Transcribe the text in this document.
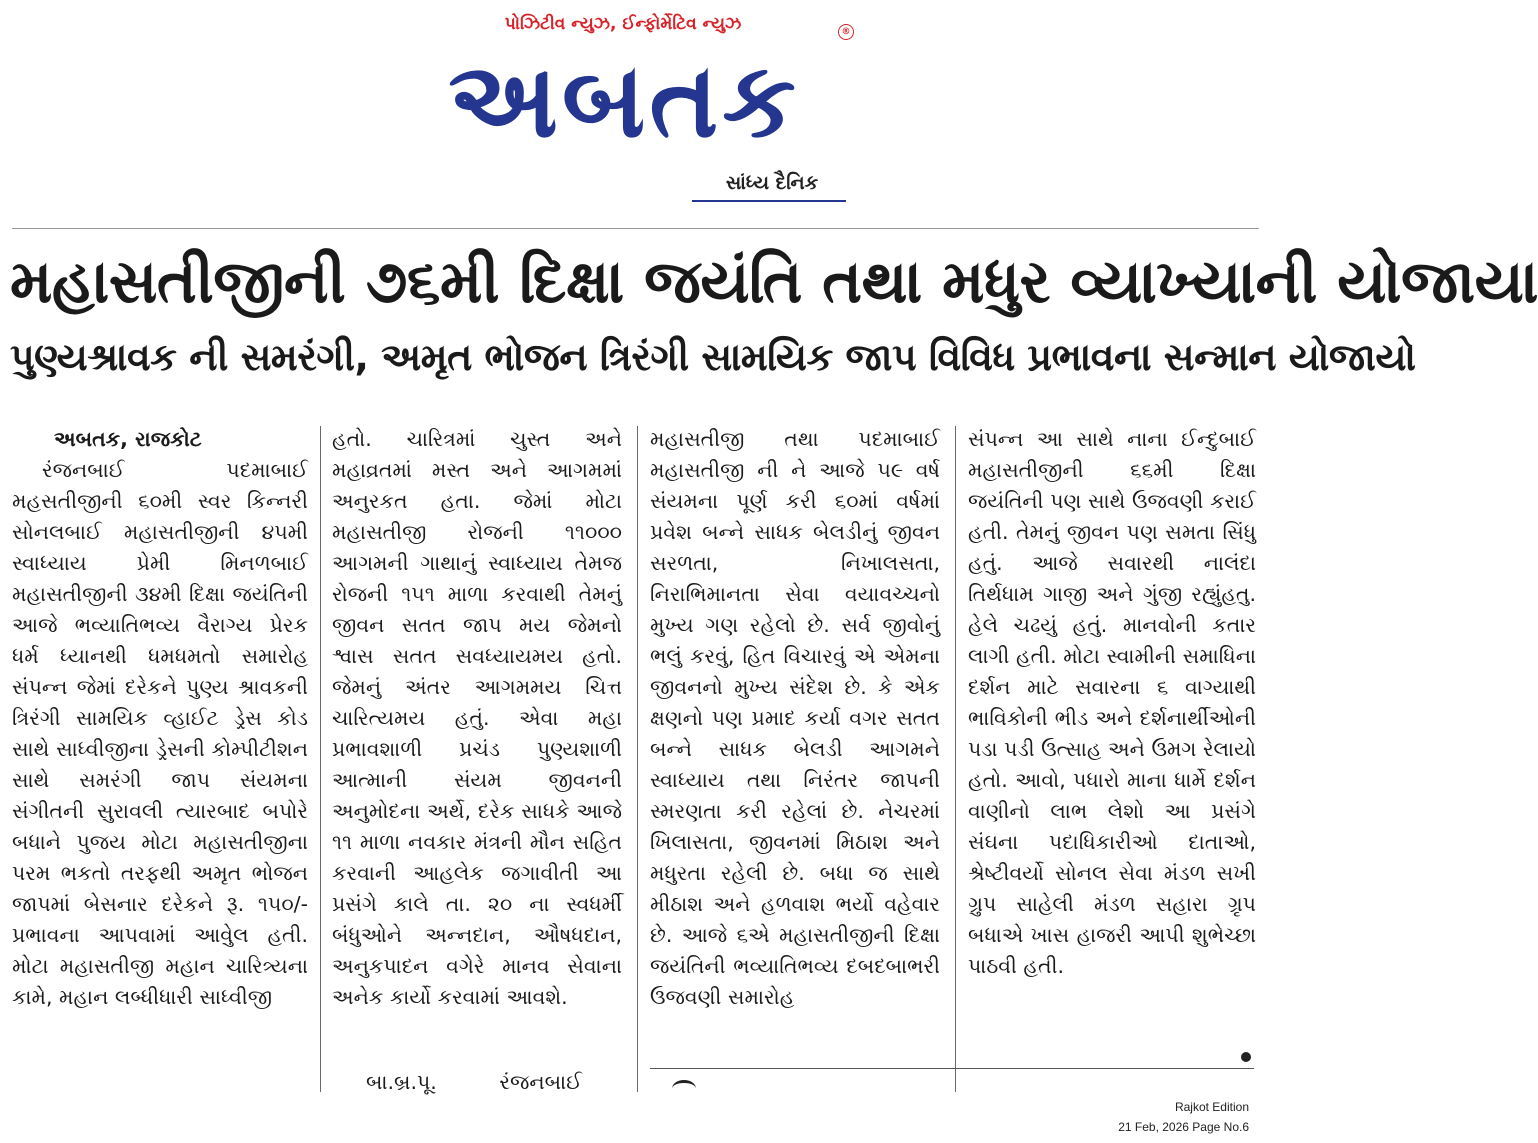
પોઝિટીવ ન્યુઝ, ઈન્ફોર્મેટિવ ન્યુઝ	®
અબતક
સાંધ્ય દૈનિક
મહાસતીજીની ૭૬મી દિક્ષા જયંતિ તથા મધુર વ્યાખ્યાની યોજાયા
પુણ્યશ્રાવક ની સમરંગી, અમૃત ભોજન ત્રિરંગી સામયિક જાપ વિવિધ પ્રભાવના સન્માન યોજાયો
અબતક, રાજકોટ

રંજનબાઈ પદમાબાઈ મહસતીજીની ૬૦મી સ્વર કિન્નરી સોનલબાઈ મહાસતીજીની ૪૫મી સ્વાધ્યાય પ્રેમી મિનળબાઈ મહાસતીજીની ૩૪મી દિક્ષા જયંતિની આજે ભવ્યાતિભવ્ય વૈરાગ્ય પ્રેરક ધર્મ ધ્યાનથી ધમધમતો સમારોહ સંપન્ન જેમાં દરેકને પુણ્ય શ્રાવકની ત્રિરંગી સામયિક વ્હાઈટ ડ્રેસ કોડ સાથે સાધ્વીજીના ડ્રેસની કોમ્પીટીશન સાથે સમરંગી જાપ સંયમના સંગીતની સુરાવલી ત્યારબાદ બપોરે બધાને પુજય મોટા મહાસતીજીના પરમ ભકતો તરફથી અમૃત ભોજન જાપમાં બેસનાર દરેકને રૂ. ૧૫૦/- પ્રભાવના આપવામાં આવુેલ હતી. મોટા મહાસતીજી મહાન ચારિત્ર્યના કામે, મહાન લબ્ધીધારી સાધ્વીજી

હતો. ચારિત્રમાં ચુસ્ત અને મહાવ્રતમાં મસ્ત અને આગમમાં અનુરકત હતા. જેમાં મોટા મહાસતીજી રોજની ૧૧૦૦૦ આગમની ગાથાનું સ્વાધ્યાય તેમજ રોજની ૧૫૧ માળા કરવાથી તેમનું જીવન સતત જાપ મય જેમનો શ્વાસ સતત સવધ્યાયમય હતો. જેમનું અંતર આગમમય ચિત્ત ચારિત્યમય હતું. એવા મહા પ્રભાવશાળી પ્રચંડ પુણ્યશાળી આત્માની સંયમ જીવનની અનુમોદના અર્થે, દરેક સાધકે આજે ૧૧ માળા નવકાર મંત્રની મૌન સહિત કરવાની આહલેક જગાવીતી આ પ્રસંગે કાલે તા. ૨૦ ના સ્વધર્મી બંધુઓને અન્નદાન, ઔષધદાન, અનુકપાદન વગેરે માનવ સેવાના અનેક કાર્યો કરવામાં આવશે.

મહાસતીજી તથા પદમાબાઈ મહાસતીજી ની ને આજે ૫૯ વર્ષ સંયમના પૂર્ણ કરી ૬૦માં વર્ષમાં પ્રવેશ બન્ને સાધક બેલડીનું જીવન સરળતા, નિખાલસતા, નિરાભિમાનતા સેવા વયાવચ્ચનો મુખ્ય ગણ રહેલો છે. સર્વ જીવોનું ભલું કરવું, હિત વિચારવું એ એમના જીવનનો મુખ્ય સંદેશ છે. કે એક ક્ષણનો પણ પ્રમાદ કર્યા વગર સતત બન્ને સાધક બેલડી આગમને સ્વાધ્યાય તથા નિરંતર જાપની સ્મરણતા કરી રહેલાં છે. નેચરમાં ખિલાસતા, જીવનમાં મિઠાશ અને મધુરતા રહેલી છે. બધા જ સાથે મીઠાશ અને હળવાશ ભર્યો વહેવાર છે. આજે ૬એ મહાસતીજીની દિક્ષા જયંતિની ભવ્યાતિભવ્ય દબદબાભરી ઉજવણી સમારોહ

સંપન્ન આ સાથે નાના ઈન્દુબાઈ મહાસતીજીની ૬૬મી દિક્ષા જયંતિની પણ સાથે ઉજવણી કરાઈ હતી. તેમનું જીવન પણ સમતા સિંધુ હતું. આજે સવારથી નાલંદા તિર્થધામ ગાજી અને ગુંજી રહ્યુંહતુ. હેલે ચઢયું હતું. માનવોની કતાર લાગી હતી. મોટા સ્વામીની સમાધિના દર્શન માટે સવારના ૬ વાગ્યાથી ભાવિકોની ભીડ અને દર્શનાર્થીઓની પડા પડી ઉત્સાહ અને ઉમગ રેલાયો હતો. આવો, પધારો માના ધાર્મે દર્શન વાણીનો લાભ લેશો આ પ્રસંગે સંઘના પદાધિકારીઓ દાતાઓ, શ્રેષ્ટીવર્યો સોનલ સેવા મંડળ સખી ગ્રુપ સાહેલી મંડળ સહારા ગ્રૃપ બધાએ ખાસ હાજરી આપી શુભેચ્છા પાઠવી હતી.

બા.બ્ર.પૂ.	રંજનબાઈ
Rajkot Edition
21 Feb, 2026 Page No.6
